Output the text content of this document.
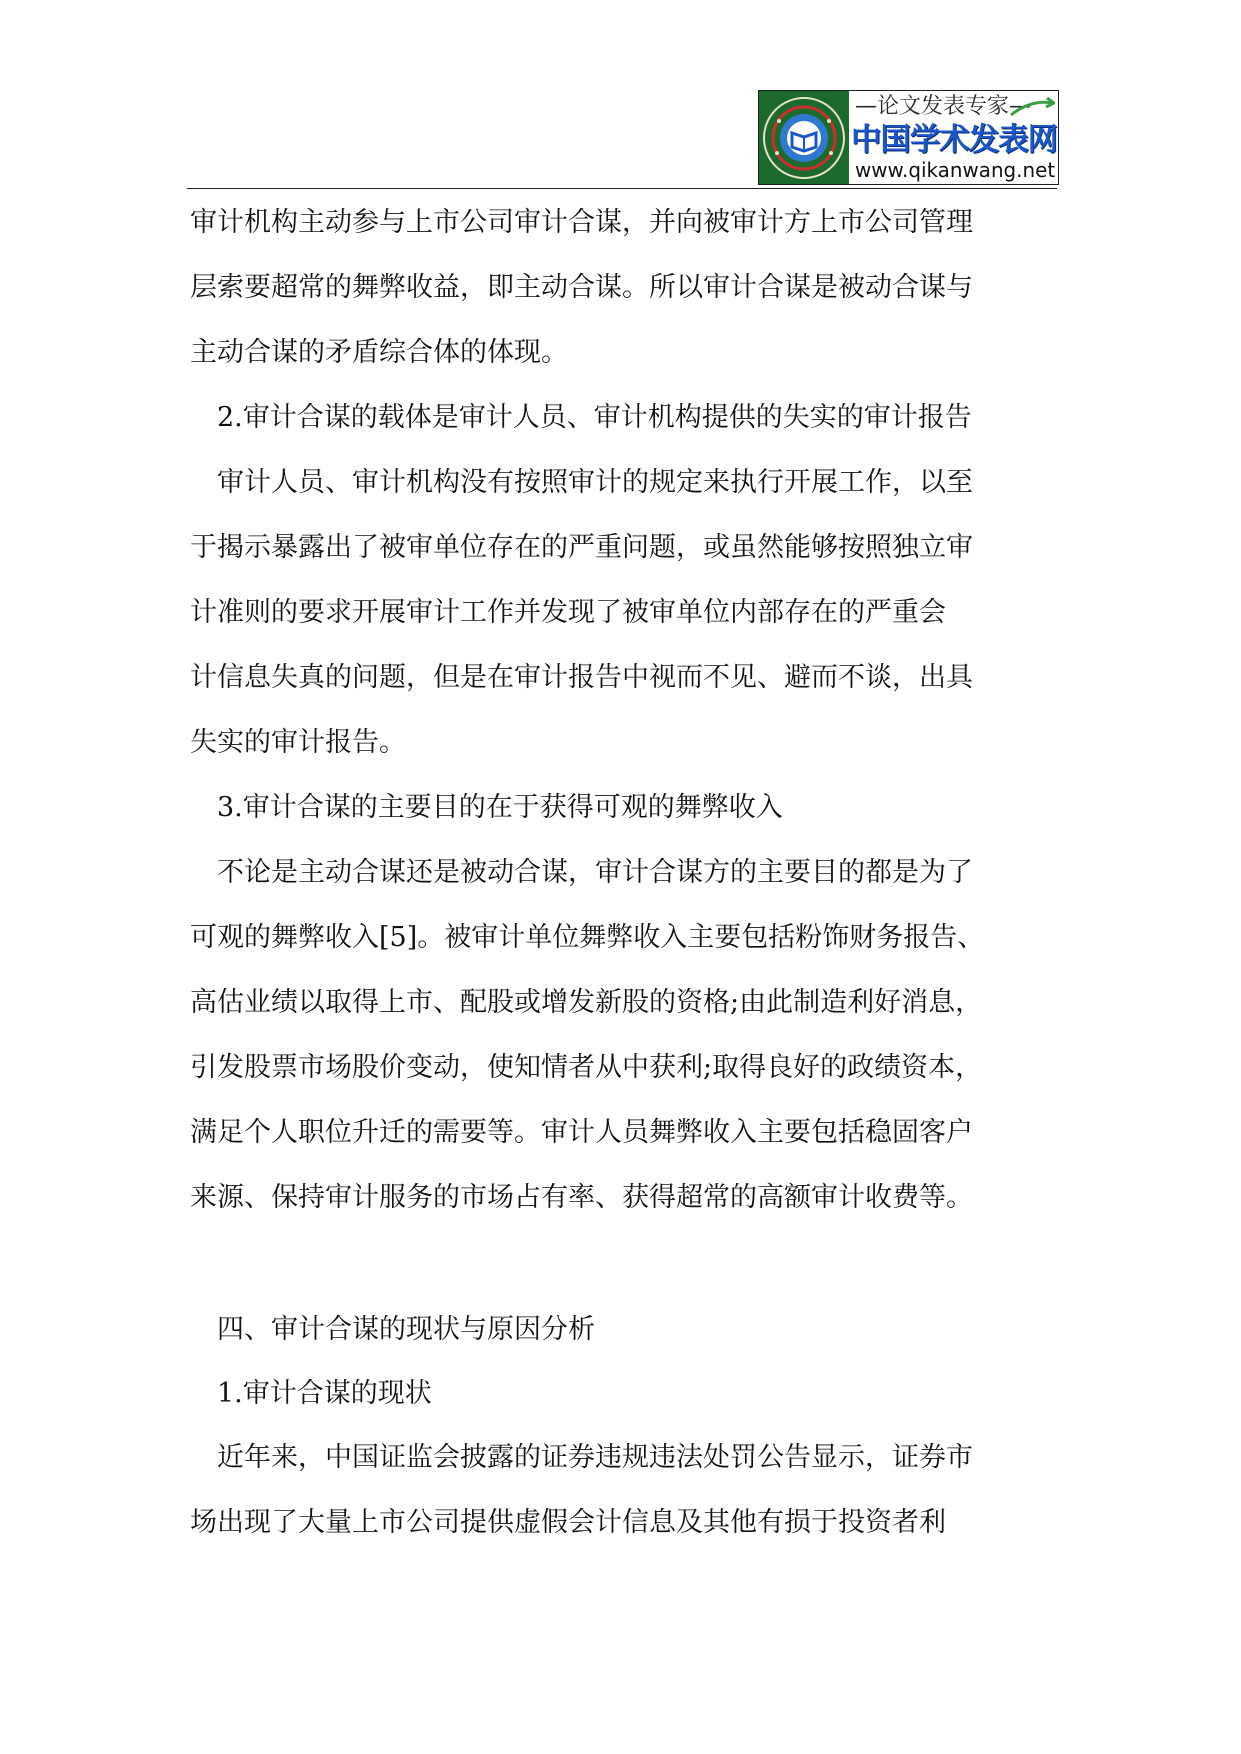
—论文发表专家—
中国学术发表网
www.qikanwang.net
审计机构主动参与上市公司审计合谋，并向被审计方上市公司管理
层索要超常的舞弊收益，即主动合谋。所以审计合谋是被动合谋与
主动合谋的矛盾综合体的体现。
2.审计合谋的载体是审计人员、审计机构提供的失实的审计报告
审计人员、审计机构没有按照审计的规定来执行开展工作，以至
于揭示暴露出了被审单位存在的严重问题，或虽然能够按照独立审
计准则的要求开展审计工作并发现了被审单位内部存在的严重会
计信息失真的问题，但是在审计报告中视而不见、避而不谈，出具
失实的审计报告。
3.审计合谋的主要目的在于获得可观的舞弊收入
不论是主动合谋还是被动合谋，审计合谋方的主要目的都是为了
可观的舞弊收入[5]。被审计单位舞弊收入主要包括粉饰财务报告、
高估业绩以取得上市、配股或增发新股的资格;由此制造利好消息，
引发股票市场股价变动，使知情者从中获利;取得良好的政绩资本，
满足个人职位升迁的需要等。审计人员舞弊收入主要包括稳固客户
来源、保持审计服务的市场占有率、获得超常的高额审计收费等。
四、审计合谋的现状与原因分析
1.审计合谋的现状
近年来，中国证监会披露的证券违规违法处罚公告显示，证券市
场出现了大量上市公司提供虚假会计信息及其他有损于投资者利
